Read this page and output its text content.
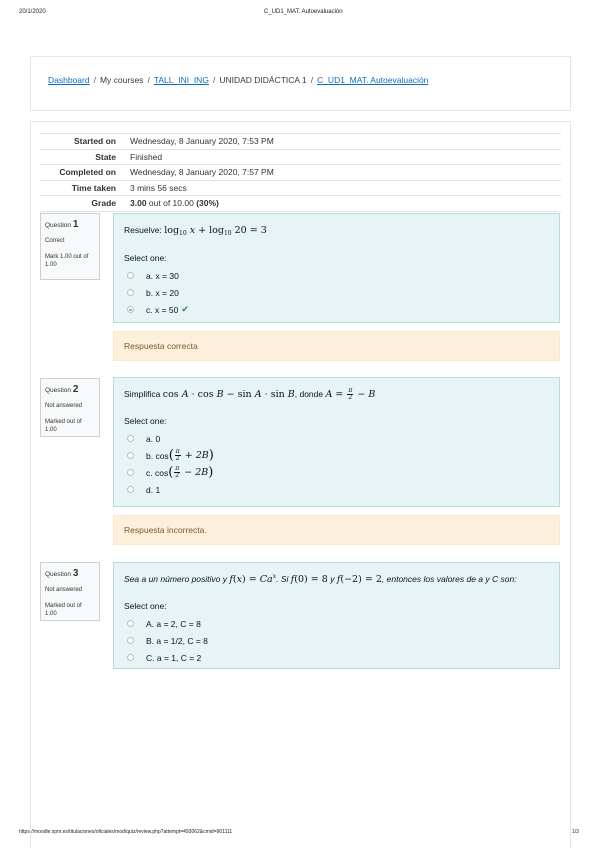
20/1/2020	C_UD1_MAT. Autoevaluación
https://moodle.xpm.es/titulaciones/oficiales/mod/quiz/review.php?attempt=493062&cmid=901111	1/3
Dashboard / My courses / TALL_INI_ING / UNIDAD DIDÁCTICA 1 / C_UD1_MAT. Autoevaluación
Started on Wednesday, 8 January 2020, 7:53 PM
State Finished
Completed on Wednesday, 8 January 2020, 7:57 PM
Time taken 3 mins 56 secs
Grade 3.00 out of 10.00 (30%)
Question 1
Correct
Mark 1.00 out of 1.00
Resuelve: $\log_{10} x + \log_{10} 20 = 3$
Select one:
a. x = 30
b. x = 20
c. x = 50 ✔
Respuesta correcta
Question 2
Not answered
Marked out of 1.00
Simplifica cos A · cos B − sin A · sin B, donde $A = \frac{\pi}{2} - B$
Select one:
a. 0
b. cos ( $\frac{\pi}{2} + 2B$)
c. cos ( $\frac{\pi}{2} - 2B$)
d. 1
Respuesta incorrecta.
Question 3
Not answered
Marked out of 1.00
Sea a un número positivo y $f(x) = Ca^x$. Si f(0) = 8 y f(−2) = 2, entonces los valores de a y C son:
Select one:
A. a = 2, C = 8
B. a = 1/2, C = 8
C. a = 1, C = 2
